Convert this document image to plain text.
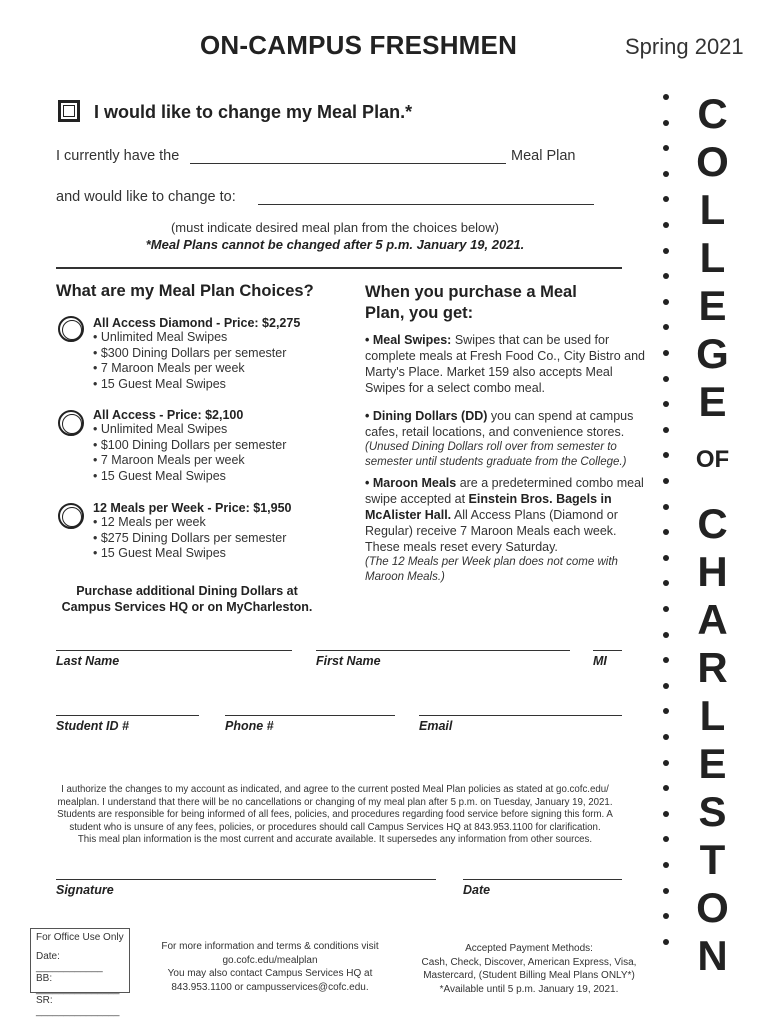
ON-CAMPUS FRESHMEN	Spring 2021
I would like to change my Meal Plan.*
I currently have the	Meal Plan
and would like to change to:
(must indicate desired meal plan from the choices below)
*Meal Plans cannot be changed after 5 p.m. January 19, 2021.
What are my Meal Plan Choices?
All Access Diamond - Price: $2,275
• Unlimited Meal Swipes
• $300 Dining Dollars per semester
• 7 Maroon Meals per week
• 15 Guest Meal Swipes
All Access - Price: $2,100
• Unlimited Meal Swipes
• $100 Dining Dollars per semester
• 7 Maroon Meals per week
• 15 Guest Meal Swipes
12 Meals per Week - Price: $1,950
• 12 Meals per week
• $275 Dining Dollars per semester
• 15 Guest Meal Swipes
Purchase additional Dining Dollars at
Campus Services HQ or on MyCharleston.
When you purchase a Meal
Plan, you get:
• Meal Swipes: Swipes that can be used for complete meals at Fresh Food Co., City Bistro and Marty's Place. Market 159 also accepts Meal Swipes for a select combo meal.
• Dining Dollars (DD) you can spend at campus cafes, retail locations, and convenience stores.
(Unused Dining Dollars roll over from semester to semester until students graduate from the College.)
• Maroon Meals are a predetermined combo meal swipe accepted at Einstein Bros. Bagels in McAlister Hall. All Access Plans (Diamond or Regular) receive 7 Maroon Meals each week. These meals reset every Saturday.
(The 12 Meals per Week plan does not come with Maroon Meals.)
Last Name	First Name	MI
Student ID #	Phone #	Email
I authorize the changes to my account as indicated, and agree to the current posted Meal Plan policies as stated at go.cofc.edu/
mealplan. I understand that there will be no cancellations or changing of my meal plan after 5 p.m. on Tuesday, January 19, 2021.
Students are responsible for being informed of all fees, policies, and procedures regarding food service before signing this form. A
student who is unsure of any fees, policies, or procedures should call Campus Services HQ at 843.953.1100 for clarification.
This meal plan information is the most current and accurate available. It supersedes any information from other sources.
Signature	Date
For Office Use Only
Date: ____________
BB: _______________
SR: _______________
For more information and terms & conditions visit
go.cofc.edu/mealplan
You may also contact Campus Services HQ at
843.953.1100 or campusservices@cofc.edu.
Accepted Payment Methods:
Cash, Check, Discover, American Express, Visa,
Mastercard, (Student Billing Meal Plans ONLY*)
*Available until 5 p.m. January 19, 2021.
C
O
L
L
E
G
E
OF
C
H
A
R
L
E
S
T
O
N
